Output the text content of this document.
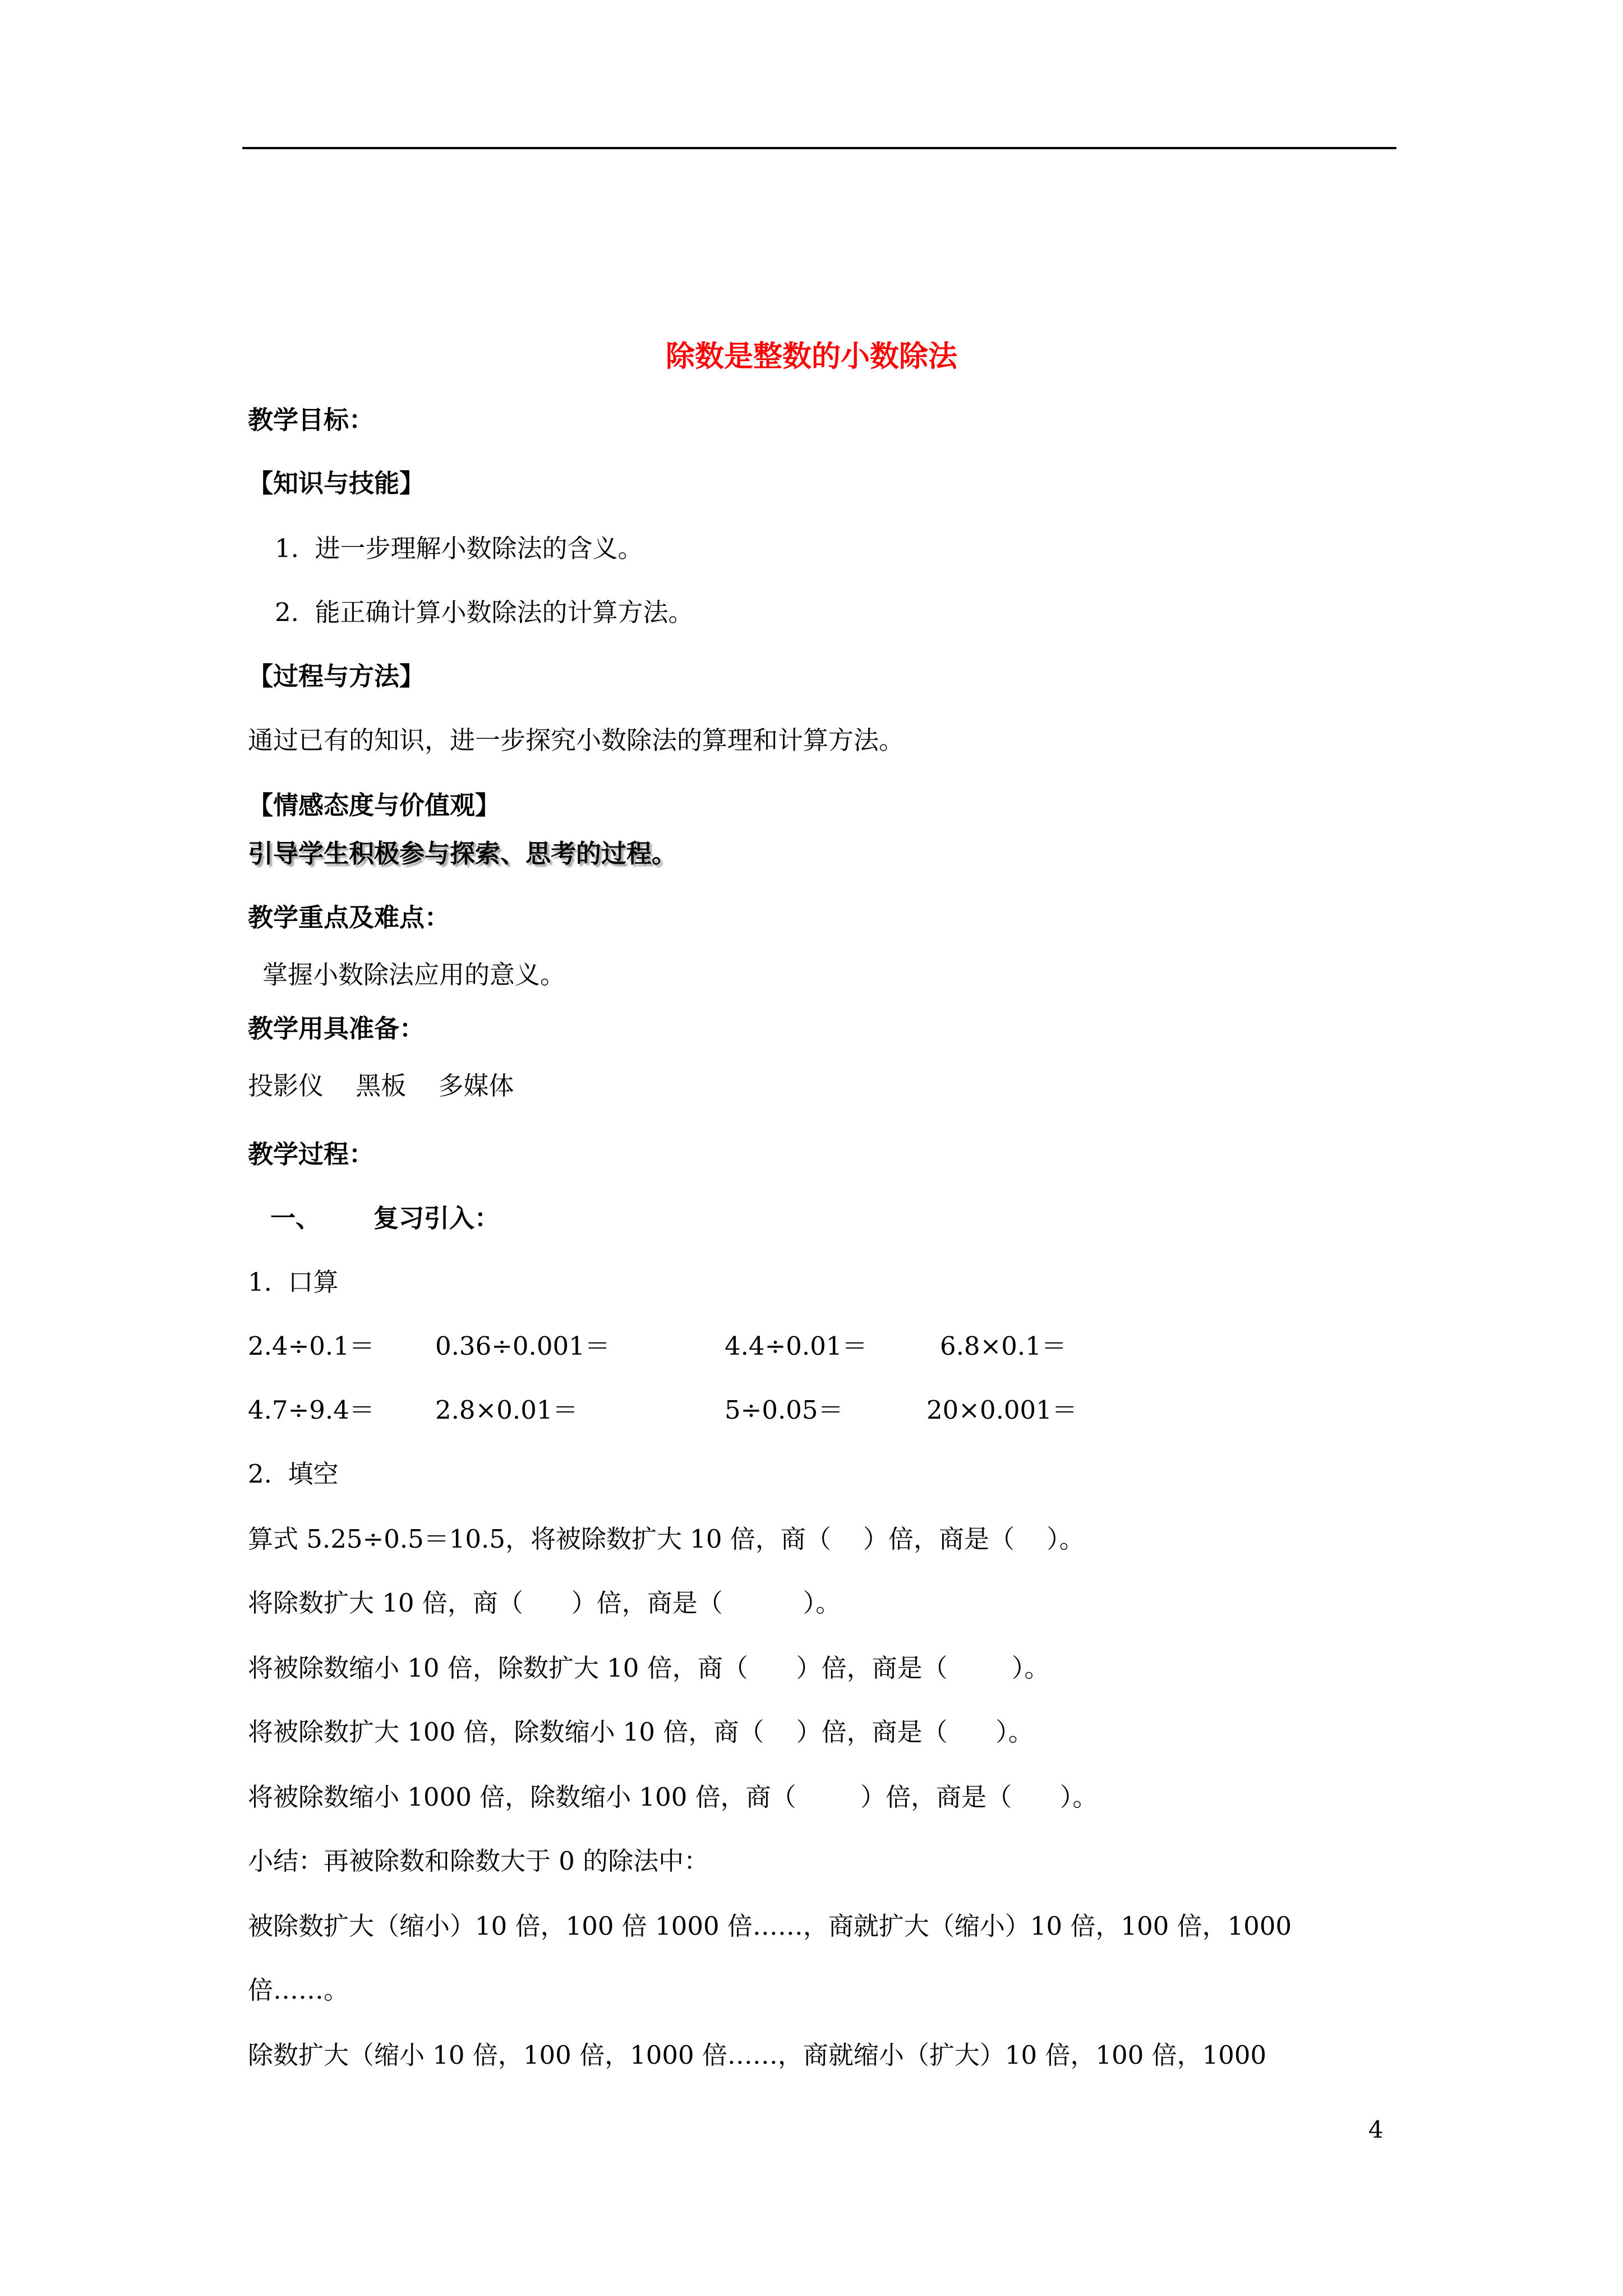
除数是整数的小数除法
教学目标：
【知识与技能】
1.  进一步理解小数除法的含义。
2.  能正确计算小数除法的计算方法。
【过程与方法】
通过已有的知识，进一步探究小数除法的算理和计算方法。
【情感态度与价值观】
引导学生积极参与探索、思考的过程。
教学重点及难点：
掌握小数除法应用的意义。
教学用具准备：
投影仪    黑板    多媒体
教学过程：
一、      复习引入：
1.  口算
2.4÷0.1＝ 0.36÷0.001＝	4.4÷0.01＝	6.8×0.1＝
4.7÷9.4＝ 2.8×0.01＝	5÷0.05＝	20×0.001＝
2.  填空
算式 5.25÷0.5＝10.5，将被除数扩大 10 倍，商（    ）倍，商是（    ）。
将除数扩大 10 倍，商（      ）倍，商是（          ）。
将被除数缩小 10 倍，除数扩大 10 倍，商（      ）倍，商是（        ）。
将被除数扩大 100 倍，除数缩小 10 倍，商（    ）倍，商是（      ）。
将被除数缩小 1000 倍，除数缩小 100 倍，商（        ）倍，商是（      ）。
小结：再被除数和除数大于 0 的除法中：
被除数扩大（缩小）10 倍，100 倍 1000 倍……，商就扩大（缩小）10 倍，100 倍，1000
倍……。
除数扩大（缩小 10 倍，100 倍，1000 倍……，商就缩小（扩大）10 倍，100 倍，1000
4
